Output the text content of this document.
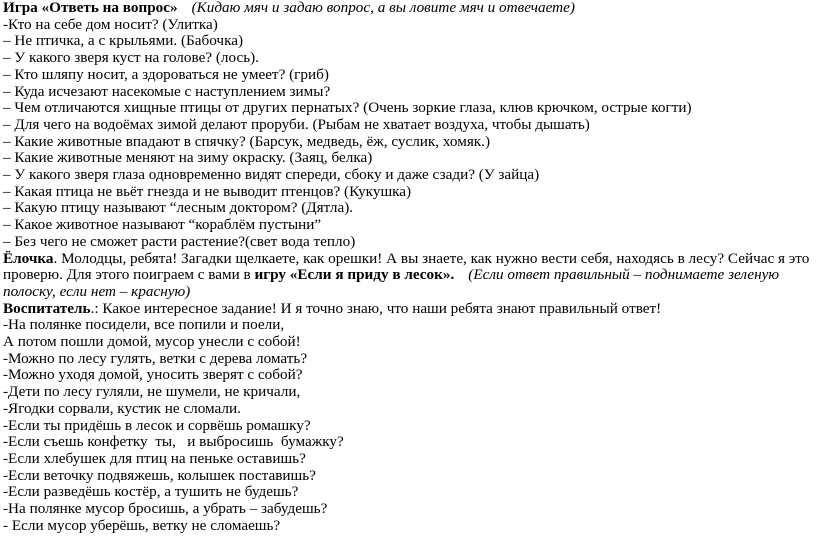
Игра «Ответь на вопрос» (Кидаю мяч и задаю вопрос, а вы ловите мяч и отвечаете)
-Кто на себе дом носит? (Улитка)
– Не птичка, а с крыльями. (Бабочка)
– У какого зверя куст на голове? (лось).
– Кто шляпу носит, а здороваться не умеет? (гриб)
– Куда исчезают насекомые с наступлением зимы?
– Чем отличаются хищные птицы от других пернатых? (Очень зоркие глаза, клюв крючком, острые когти)
– Для чего на водоёмах зимой делают проруби. (Рыбам не хватает воздуха, чтобы дышать)
– Какие животные впадают в спячку? (Барсук, медведь, ёж, суслик, хомяк.)
– Какие животные меняют на зиму окраску. (Заяц, белка)
– У какого зверя глаза одновременно видят спереди, сбоку и даже сзади? (У зайца)
– Какая птица не вьёт гнезда и не выводит птенцов? (Кукушка)
– Какую птицу называют “лесным доктором? (Дятла).
– Какое животное называют “кораблём пустыни”
– Без чего не сможет расти растение?(свет вода тепло)
Ёлочка. Молодцы, ребята! Загадки щелкаете, как орешки! А вы знаете, как нужно вести себя, находясь в лесу? Сейчас я это проверю. Для этого поиграем с вами в игру «Если я приду в лесок». (Если ответ правильный – поднимаете зеленую полоску, если нет – красную)
Воспитатель.: Какое интересное задание! И я точно знаю, что наши ребята знают правильный ответ!
-На полянке посидели, все попили и поели,
А потом пошли домой, мусор унесли с собой!
-Можно по лесу гулять, ветки с дерева ломать?
-Можно уходя домой, уносить зверят с собой?
-Дети по лесу гуляли, не шумели, не кричали,
-Ягодки сорвали, кустик не сломали.
-Если ты придёшь в лесок и сорвёшь ромашку?
-Если съешь конфетку  ты,   и выбросишь  бумажку?
-Если хлебушек для птиц на пеньке оставишь?
-Если веточку подвяжешь, колышек поставишь?
-Если разведёшь костёр, а тушить не будешь?
-На полянке мусор бросишь, а убрать – забудешь?
- Если мусор уберёшь, ветку не сломаешь?
